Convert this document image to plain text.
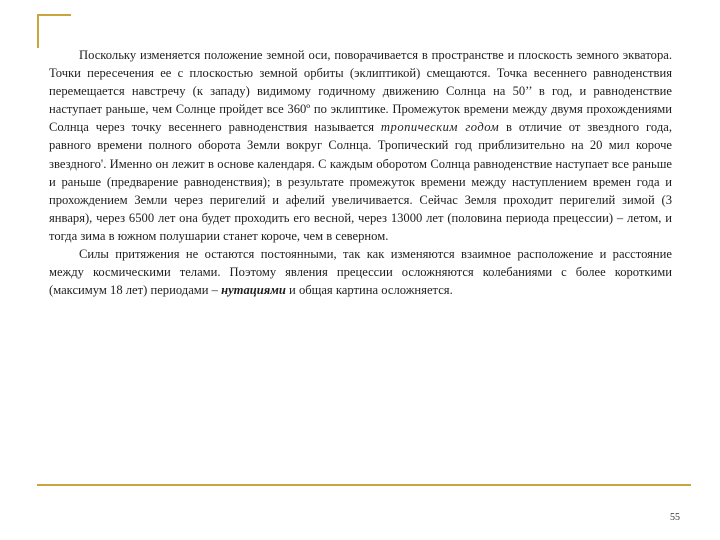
Поскольку изменяется положение земной оси, поворачивается в пространстве и плоскость земного экватора. Точки пересечения ее с плоскостью земной орбиты (эклиптикой) смещаются. Точка весеннего равноденствия перемещается навстречу (к западу) видимому годичному движению Солнца на 50’’ в год, и равноденствие наступает раньше, чем Солнце пройдет все 360º по эклиптике. Промежуток времени между двумя прохождениями Солнца через точку весеннего равноденствия называется тропическим годом в отличие от звездного года, равного времени полного оборота Земли вокруг Солнца. Тропический год приблизительно на 20 мил короче звездного'. Именно он лежит в основе календаря. С каждым оборотом Солнца равноденствие наступает все раньше и раньше (предварение равноденствия); в результате промежуток времени между наступлением времен года и прохождением Земли через перигелий и афелий увеличивается. Сейчас Земля проходит перигелий зимой (3 января), через 6500 лет она будет проходить его весной, через 13000 лет (половина периода прецессии) – летом, и тогда зима в южном полушарии станет короче, чем в северном.

Силы притяжения не остаются постоянными, так как изменяются взаимное расположение и расстояние между космическими телами. Поэтому явления прецессии осложняются колебаниями с более короткими (максимум 18 лет) периодами – нутациями и общая картина осложняется.

55
